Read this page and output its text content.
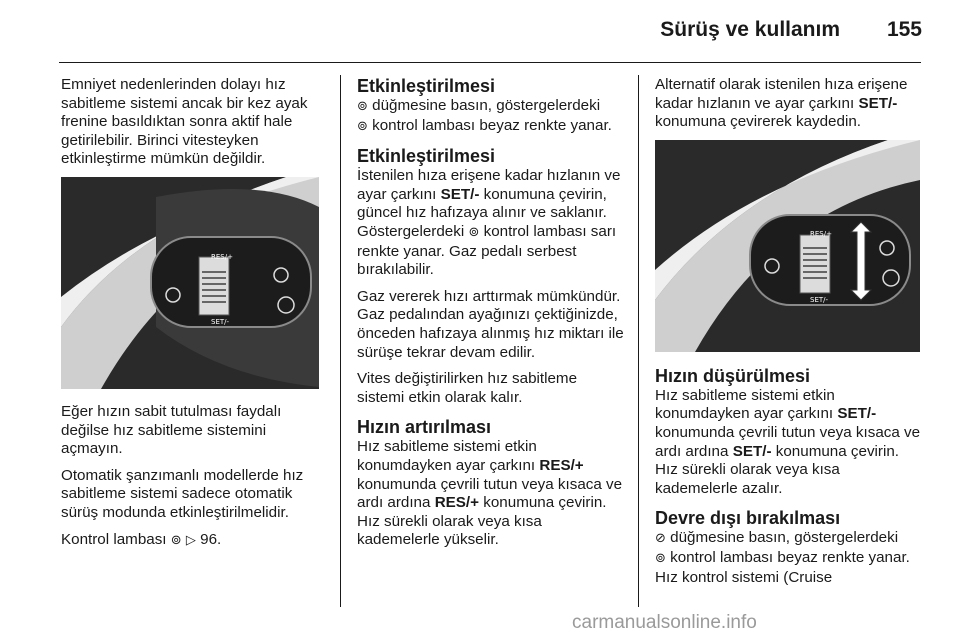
Sürüş ve kullanım 155

Emniyet nedenlerinden dolayı hız sabitleme sistemi ancak bir kez ayak frenine basıldıktan sonra aktif hale getirilebilir. Birinci vitesteyken etkinleştirme mümkün değildir.

RES/+
SET/-

Eğer hızın sabit tutulması faydalı değilse hız sabitleme sistemini açmayın.

Otomatik şanzımanlı modellerde hız sabitleme sistemi sadece otomatik sürüş modunda etkinleştirilmelidir.

Kontrol lambası ⊚ ▷ 96.

Etkinleştirilmesi

⊚ düğmesine basın, göstergelerdeki
⊚ kontrol lambası beyaz renkte yanar.

Etkinleştirilmesi

İstenilen hıza erişene kadar hızlanın ve ayar çarkını SET/- konumuna çevirin, güncel hız hafızaya alınır ve saklanır. Göstergelerdeki ⊚ kontrol lambası sarı renkte yanar. Gaz pedalı serbest bırakılabilir.

Gaz vererek hızı arttırmak mümkündür. Gaz pedalından ayağınızı çektiğinizde, önceden hafızaya alınmış hız miktarı ile sürüşe tekrar devam edilir.

Vites değiştirilirken hız sabitleme sistemi etkin olarak kalır.

Hızın artırılması

Hız sabitleme sistemi etkin konumdayken ayar çarkını RES/+ konumunda çevrili tutun veya kısaca ve ardı ardına RES/+ konumuna çevirin. Hız sürekli olarak veya kısa kademelerle yükselir.

Alternatif olarak istenilen hıza erişene kadar hızlanın ve ayar çarkını SET/- konumuna çevirerek kaydedin.

RES/+
SET/-
Hızın düşürülmesi

Hız sabitleme sistemi etkin konumdayken ayar çarkını SET/- konumunda çevrili tutun veya kısaca ve ardı ardına SET/- konumuna çevirin. Hız sürekli olarak veya kısa kademelerle azalır.

Devre dışı bırakılması

⊘ düğmesine basın, göstergelerdeki
⊚ kontrol lambası beyaz renkte yanar. Hız kontrol sistemi (Cruise

carmanualsonline.info
